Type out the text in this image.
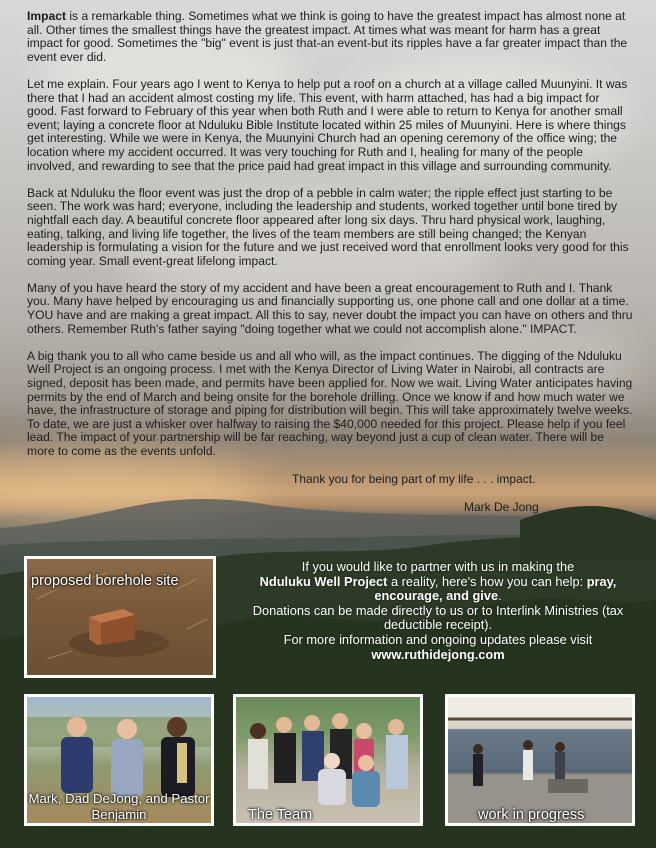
Impact is a remarkable thing. Sometimes what we think is going to have the greatest impact has almost none at all. Other times the smallest things have the greatest impact. At times what was meant for harm has a great impact for good. Sometimes the "big" event is just that-an event-but its ripples have a far greater impact than the event ever did.

Let me explain. Four years ago I went to Kenya to help put a roof on a church at a village called Muunyini. It was there that I had an accident almost costing my life. This event, with harm attached, has had a big impact for good. Fast forward to February of this year when both Ruth and I were able to return to Kenya for another small event; laying a concrete floor at Nduluku Bible Institute located within 25 miles of Muunyini. Here is where things get interesting. While we were in Kenya, the Muunyini Church had an opening ceremony of the office wing; the location where my accident occurred. It was very touching for Ruth and I, healing for many of the people involved, and rewarding to see that the price paid had great impact in this village and surrounding community.

Back at Nduluku the floor event was just the drop of a pebble in calm water; the ripple effect just starting to be seen. The work was hard; everyone, including the leadership and students, worked together until bone tired by nightfall each day. A beautiful concrete floor appeared after long six days. Thru hard physical work, laughing, eating, talking, and living life together, the lives of the team members are still being changed; the Kenyan leadership is formulating a vision for the future and we just received word that enrollment looks very good for this coming year. Small event-great lifelong impact.

Many of you have heard the story of my accident and have been a great encouragement to Ruth and I. Thank you. Many have helped by encouraging us and financially supporting us, one phone call and one dollar at a time. YOU have and are making a great impact. All this to say, never doubt the impact you can have on others and thru others. Remember Ruth's father saying "doing together what we could not accomplish alone." IMPACT.

A big thank you to all who came beside us and all who will, as the impact continues. The digging of the Nduluku Well Project is an ongoing process. I met with the Kenya Director of Living Water in Nairobi, all contracts are signed, deposit has been made, and permits have been applied for. Now we wait. Living Water anticipates having permits by the end of March and being onsite for the borehole drilling. Once we know if and how much water we have, the infrastructure of storage and piping for distribution will begin. This will take approximately twelve weeks. To date, we are just a whisker over halfway to raising the $40,000 needed for this project. Please help if you feel lead. The impact of your partnership will be far reaching, way beyond just a cup of clean water. There will be more to come as the events unfold.

Thank you for being part of my life . . . impact.
Mark De Jong
If you would like to partner with us in making the
Nduluku Well Project a reality, here's how you can help: pray, encourage, and give.
Donations can be made directly to us or to Interlink Ministries (tax deductible receipt).
For more information and ongoing updates please visit
www.ruthidejong.com
proposed borehole site
Mark, Dad DeJong, and Pastor Benjamin	The Team	work in progress
